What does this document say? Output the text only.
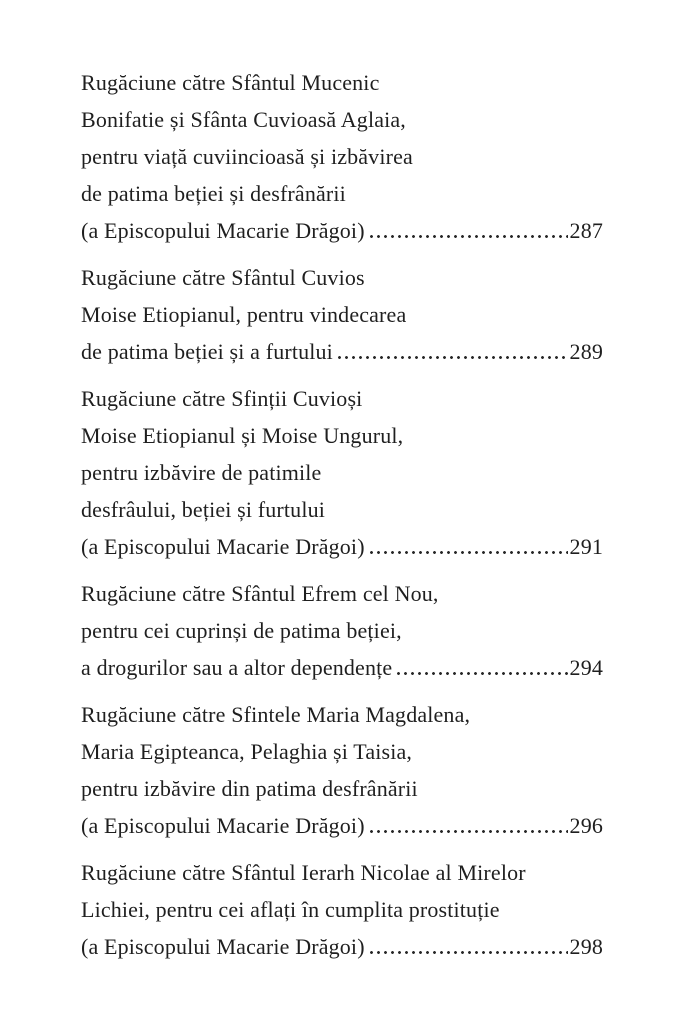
Rugăciune către Sfântul Mucenic
Bonifatie și Sfânta Cuvioasă Aglaia,
pentru viață cuviincioasă și izbăvirea
de patima beției și desfrânării
(a Episcopului Macarie Drăgoi)	287
Rugăciune către Sfântul Cuvios
Moise Etiopianul, pentru vindecarea
de patima beției și a furtului	289
Rugăciune către Sfinții Cuvioși
Moise Etiopianul și Moise Ungurul,
pentru izbăvire de patimile
desfrâului, beției și furtului
(a Episcopului Macarie Drăgoi)	291
Rugăciune către Sfântul Efrem cel Nou,
pentru cei cuprinși de patima beției,
a drogurilor sau a altor dependențe	294
Rugăciune către Sfintele Maria Magdalena,
Maria Egipteanca, Pelaghia și Taisia,
pentru izbăvire din patima desfrânării
(a Episcopului Macarie Drăgoi)	296
Rugăciune către Sfântul Ierarh Nicolae al Mirelor
Lichiei, pentru cei aflați în cumplita prostituție
(a Episcopului Macarie Drăgoi)	298
